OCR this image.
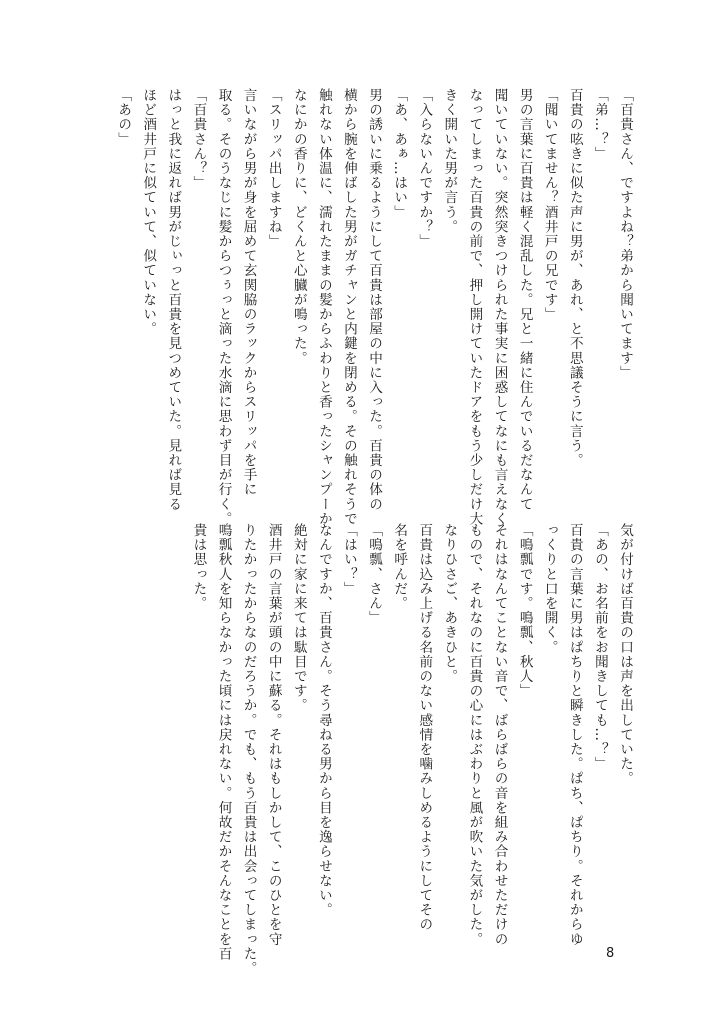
「百貴さん、ですよね？弟から聞いてます」
「弟…？」
百貴の呟きに似た声に男が、あれ、と不思議そうに言う。
「聞いてません？酒井戸の兄です」
男の言葉に百貴は軽く混乱した。兄と一緒に住んでいるだなんて
聞いていない。突然突きつけられた事実に困惑してなにも言えなく
なってしまった百貴の前で、押し開けていたドアをもう少しだけ大
きく開いた男が言う。
「入らないんですか？」
「あ、あぁ…はい」
男の誘いに乗るようにして百貴は部屋の中に入った。百貴の体の
横から腕を伸ばした男がガチャンと内鍵を閉める。その触れそうで
触れない体温に、濡れたままの髪からふわりと香ったシャンプーか
なにかの香りに、どくんと心臓が鳴った。
「スリッパ出しますね」
言いながら男が身を屈めて玄関脇のラックからスリッパを手に
取る。そのうなじに髪からつぅっと滴った水滴に思わず目が行く。
「百貴さん？」
はっと我に返れば男がじぃっと百貴を見つめていた。見れば見る
ほど酒井戸に似ていて、似ていない。
「あの」
気が付けば百貴の口は声を出していた。
「あの、お名前をお聞きしても…？」
百貴の言葉に男はぱちりと瞬きした。ぱち、ぱちり。それからゆ
っくりと口を開く。
「鳴瓢です。鳴瓢、秋人」
それはなんてことない音で、ばらばらの音を組み合わせただけの
もので、それなのに百貴の心にはぶわりと風が吹いた気がした。
なりひさご、あきひと。
百貴は込み上げる名前のない感情を噛みしめるようにしてその
名を呼んだ。
「鳴瓢、さん」
「はい？」
なんですか、百貴さん。そう尋ねる男から目を逸らせない。
絶対に家に来ては駄目です。
酒井戸の言葉が頭の中に蘇る。それはもしかして、このひとを守
りたかったからなのだろうか。でも、もう百貴は出会ってしまった。
鳴瓢秋人を知らなかった頃には戻れない。何故だかそんなことを百
貴は思った。
8
